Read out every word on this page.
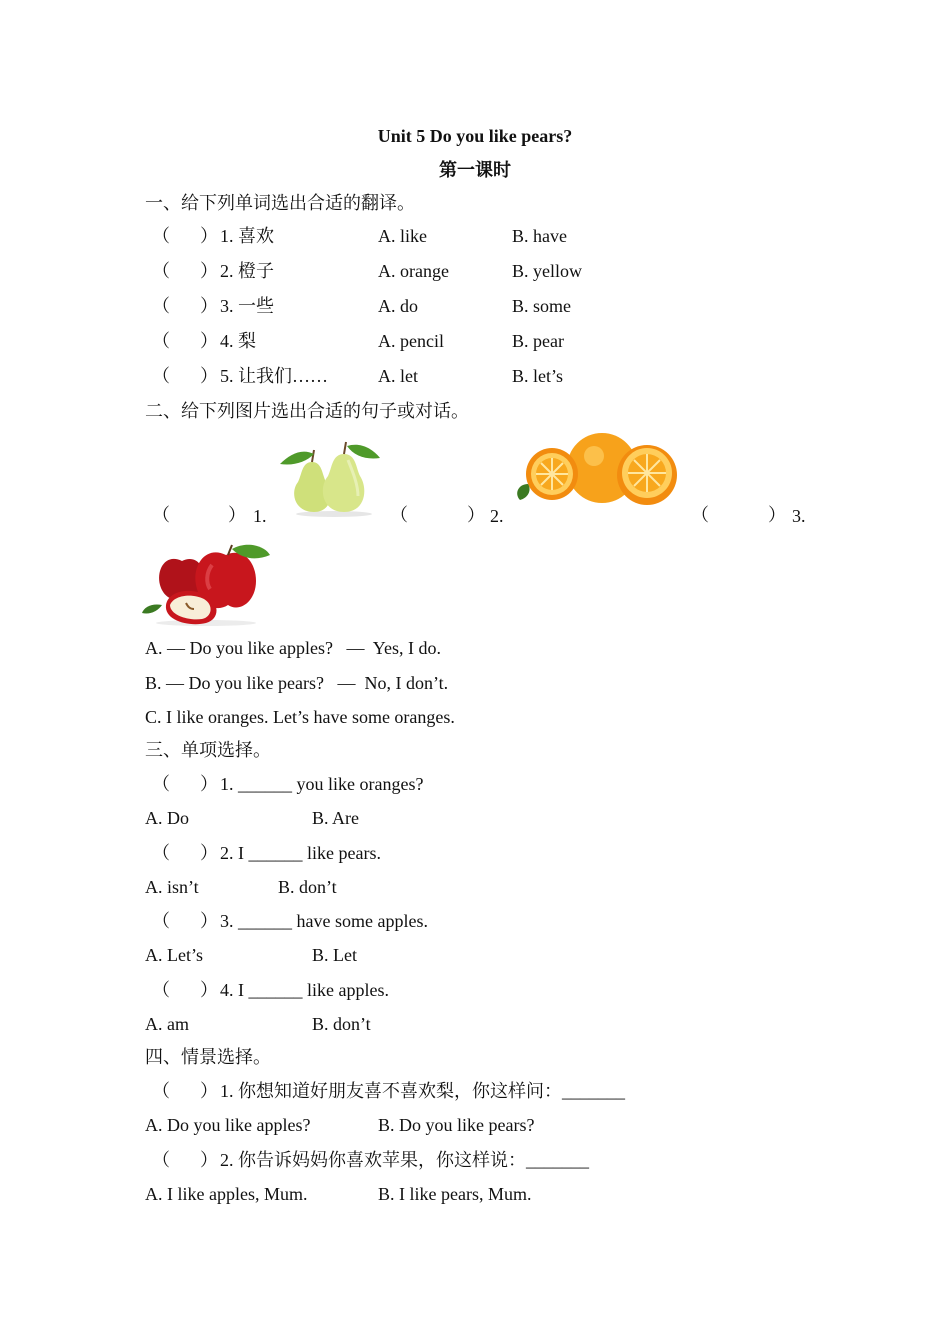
Unit 5 Do you like pears?
第一课时
一、给下列单词选出合适的翻译。
（ ） 1. 喜欢	A. like	B. have
（ ） 2. 橙子	A. orange	B. yellow
（ ） 3. 一些	A. do	B. some
（ ） 4. 梨	A. pencil	B. pear
（ ） 5. 让我们……	A. let	B. let’s
二、给下列图片选出合适的句子或对话。
（	） 1.	（	） 2.	（	） 3.
A. — Do you like apples?   —  Yes, I do.
B. — Do you like pears?   —  No, I don’t.
C. I like oranges. Let’s have some oranges.
三、单项选择。
（ ） 1. ______ you like oranges?
A. Do	B. Are
（ ） 2. I ______ like pears.
A. isn’t	B. don’t
（ ） 3. ______ have some apples.
A. Let’s	B. Let
（ ） 4. I ______ like apples.
A. am	B. don’t
四、情景选择。
（ ） 1. 你想知道好朋友喜不喜欢梨，你这样问：_______
A. Do you like apples?	B. Do you like pears?
（ ） 2. 你告诉妈妈你喜欢苹果，你这样说：_______
A. I like apples, Mum.	B. I like pears, Mum.
